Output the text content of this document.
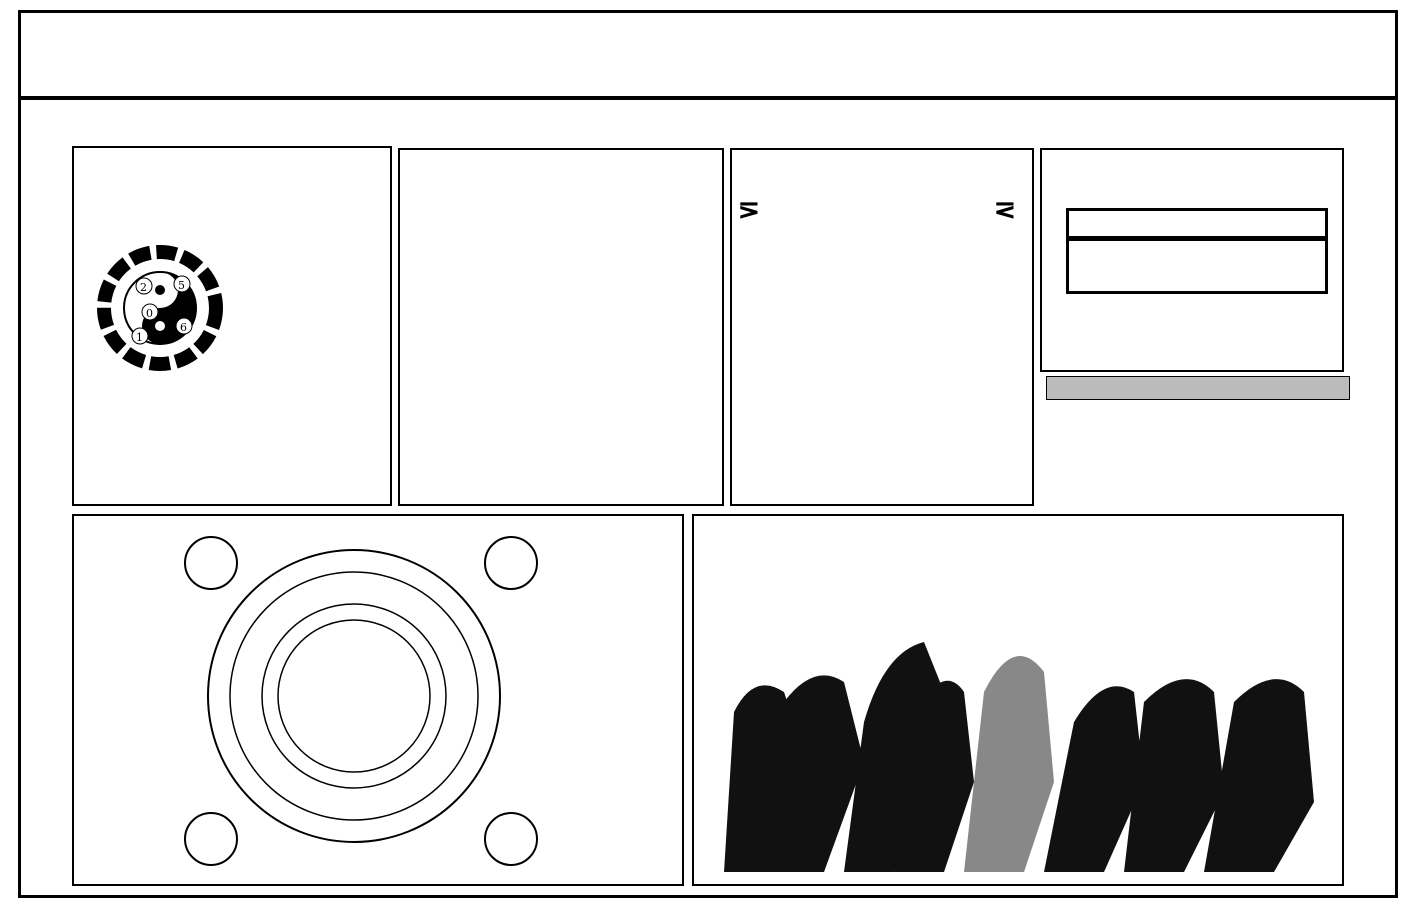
2	5
0
6
1
⋝	⋜
